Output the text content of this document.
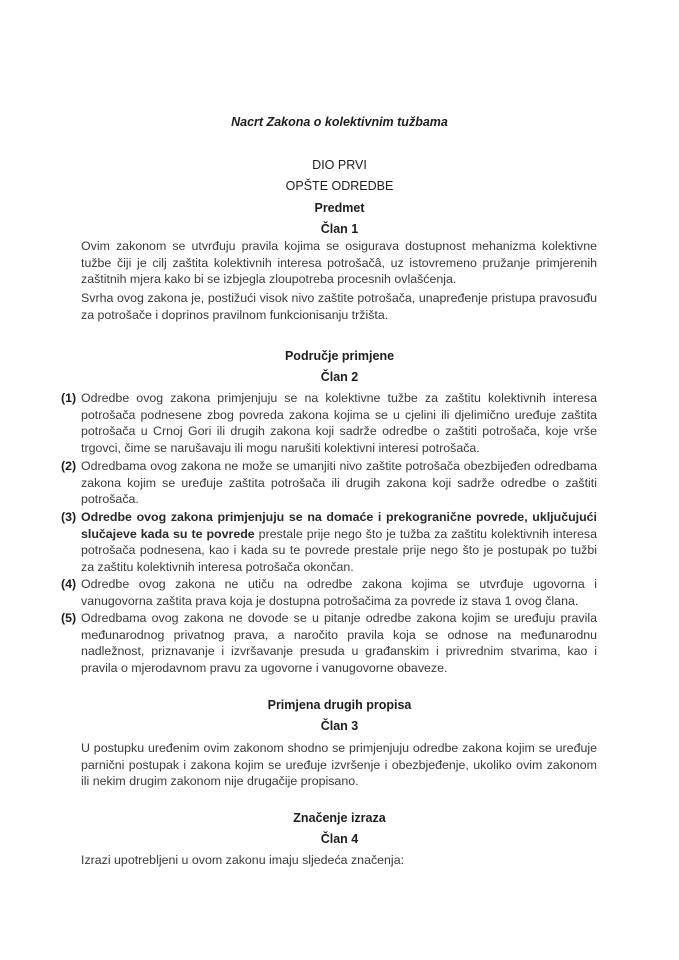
Nacrt Zakona o kolektivnim tužbama
DIO PRVI
OPŠTE ODREDBE
Predmet
Član 1
Ovim zakonom se utvrđuju pravila kojima se osigurava dostupnost mehanizma kolektivne tužbe čiji je cilj zaštita kolektivnih interesa potrošačâ, uz istovremeno pružanje primjerenih zaštitnih mjera kako bi se izbjegla zloupotreba procesnih ovlašćenja.
Svrha ovog zakona je, postižući visok nivo zaštite potrošača, unapređenje pristupa pravosuđu za potrošače i doprinos pravilnom funkcionisanju tržišta.
Područje primjene
Član 2
(1) Odredbe ovog zakona primjenjuju se na kolektivne tužbe za zaštitu kolektivnih interesa potrošača podnesene zbog povreda zakona kojima se u cjelini ili djelimično uređuje zaštita potrošača u Crnoj Gori ili drugih zakona koji sadrže odredbe o zaštiti potrošača, koje vrše trgovci, čime se narušavaju ili mogu narušiti kolektivni interesi potrošača.
(2) Odredbama ovog zakona ne može se umanjiti nivo zaštite potrošača obezbijeđen odredbama zakona kojim se uređuje zaštita potrošača ili drugih zakona koji sadrže odredbe o zaštiti potrošača.
(3) Odredbe ovog zakona primjenjuju se na domaće i prekogranične povrede, uključujući slučajeve kada su te povrede prestale prije nego što je tužba za zaštitu kolektivnih interesa potrošača podnesena, kao i kada su te povrede prestale prije nego što je postupak po tužbi za zaštitu kolektivnih interesa potrošača okončan.
(4) Odredbe ovog zakona ne utiču na odredbe zakona kojima se utvrđuje ugovorna i vanugovorna zaštita prava koja je dostupna potrošačima za povrede iz stava 1 ovog člana.
(5) Odredbama ovog zakona ne dovode se u pitanje odredbe zakona kojim se uređuju pravila međunarodnog privatnog prava, a naročito pravila koja se odnose na međunarodnu nadležnost, priznavanje i izvršavanje presuda u građanskim i privrednim stvarima, kao i pravila o mjerodavnom pravu za ugovorne i vanugovorne obaveze.
Primjena drugih propisa
Član 3
U postupku uređenim ovim zakonom shodno se primjenjuju odredbe zakona kojim se uređuje parnični postupak i zakona kojim se uređuje izvršenje i obezbjeđenje, ukoliko ovim zakonom ili nekim drugim zakonom nije drugačije propisano.
Značenje izraza
Član 4
Izrazi upotrebljeni u ovom zakonu imaju sljedeća značenja:
